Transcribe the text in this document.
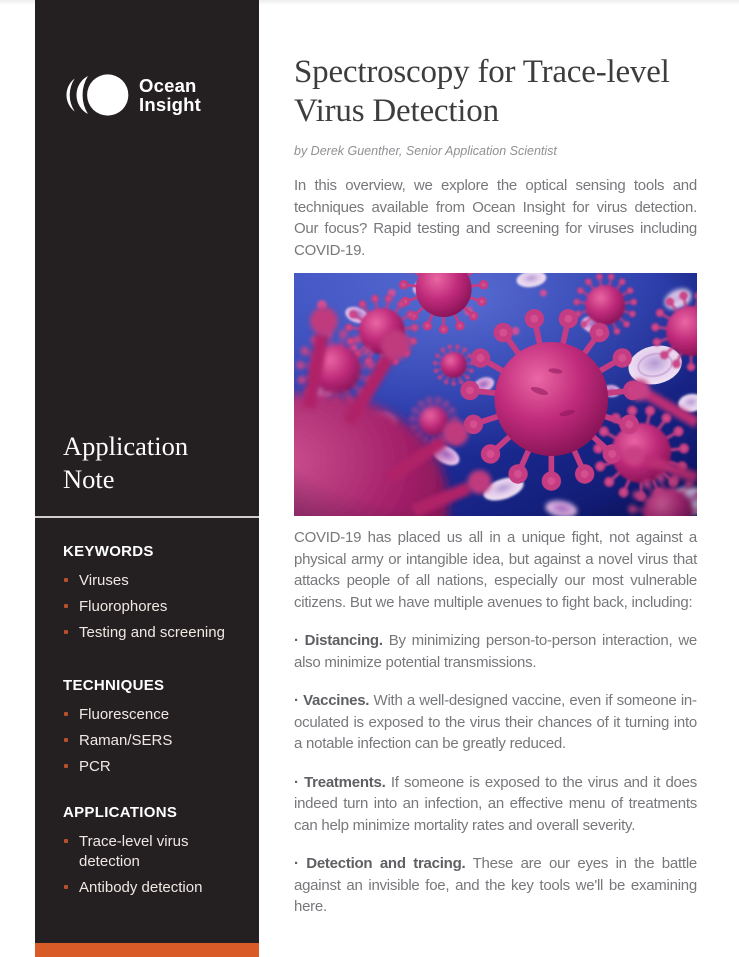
Ocean
Insight
Application
Note
KEYWORDS
Viruses
Fluorophores
Testing and screening
TECHNIQUES
Fluorescence
Raman/SERS
PCR
APPLICATIONS
Trace-level virus detection
Antibody detection
Spectroscopy for Trace-level Virus Detection
by Derek Guenther, Senior Application Scientist

In this overview, we explore the optical sensing tools and techniques available from Ocean Insight for virus detection. Our focus? Rapid testing and screening for viruses including COVID-19.

COVID-19 has placed us all in a unique fight, not against a physical army or intangible idea, but against a novel virus that attacks people of all nations, especially our most vulnerable citizens. But we have multiple avenues to fight back, including:

· Distancing. By minimizing person-to-person interaction, we also minimize potential transmissions.

· Vaccines. With a well-designed vaccine, even if someone inoculated is exposed to the virus their chances of it turning into a notable infection can be greatly reduced.

· Treatments. If someone is exposed to the virus and it does indeed turn into an infection, an effective menu of treatments can help minimize mortality rates and overall severity.

· Detection and tracing. These are our eyes in the battle against an invisible foe, and the key tools we'll be examining here.
